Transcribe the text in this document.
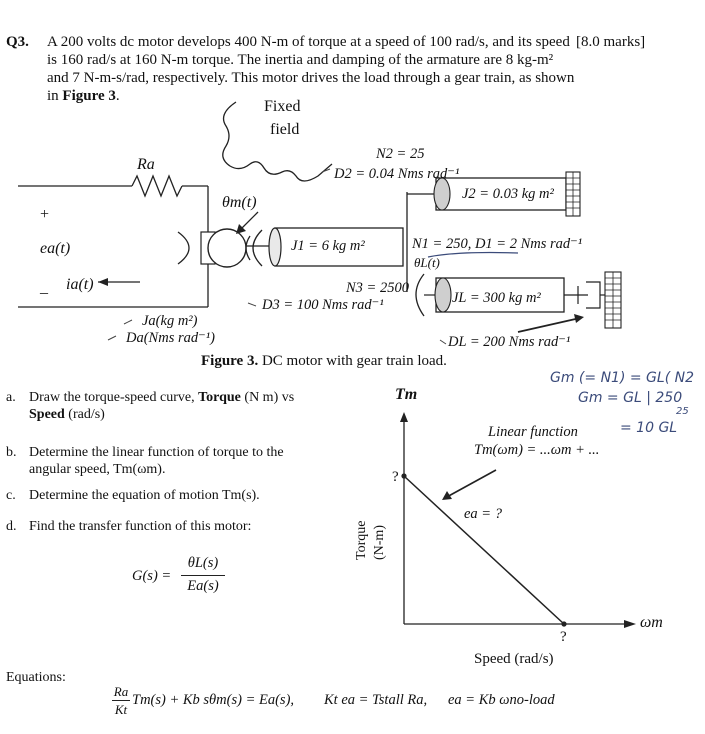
Q3. A 200 volts dc motor develops 400 N-m of torque at a speed of 100 rad/s, and its speed [8.0 marks]
is 160 rad/s at 160 N-m torque. The inertia and damping of the armature are 8 kg-m²
and 7 N-m-s/rad, respectively. This motor drives the load through a gear train, as shown
in Figure 3.
Fixed
field
Ra
+
ea(t)
_ ia(t)
θm(t)
N2 = 25
D2 = 0.04 Nms rad⁻¹
J2 = 0.03 kg m²
J1 = 6 kg m²	N1 = 250, D1 = 2 Nms rad⁻¹
θL(t)
N3 = 2500
D3 = 100 Nms rad⁻¹	JL = 300 kg m²
Ja(kg m²)
Da(Nms rad⁻¹)	DL = 200 Nms rad⁻¹
Figure 3. DC motor with gear train load.
Gm (= N1) = GL( N2
Gm = GL | 250
25
= 10 GL
a. Draw the torque-speed curve, Torque (N m) vs
Speed (rad/s)
b. Determine the linear function of torque to the
angular speed, Tm(ωm).
c. Determine the equation of motion Tm(s).
d. Find the transfer function of this motor:
G(s) =
θL(s)
Ea(s)
Tm
?
Linear function
Tm(ωm) = ...ωm + ...
ea = ?
Torque (N-m)
?
ωm
Speed (rad/s)
Equations:
Ra
Kt
Tm(s) + Kb sθm(s) = Ea(s), Kt ea = Tstall Ra, ea = Kb ωno-load
